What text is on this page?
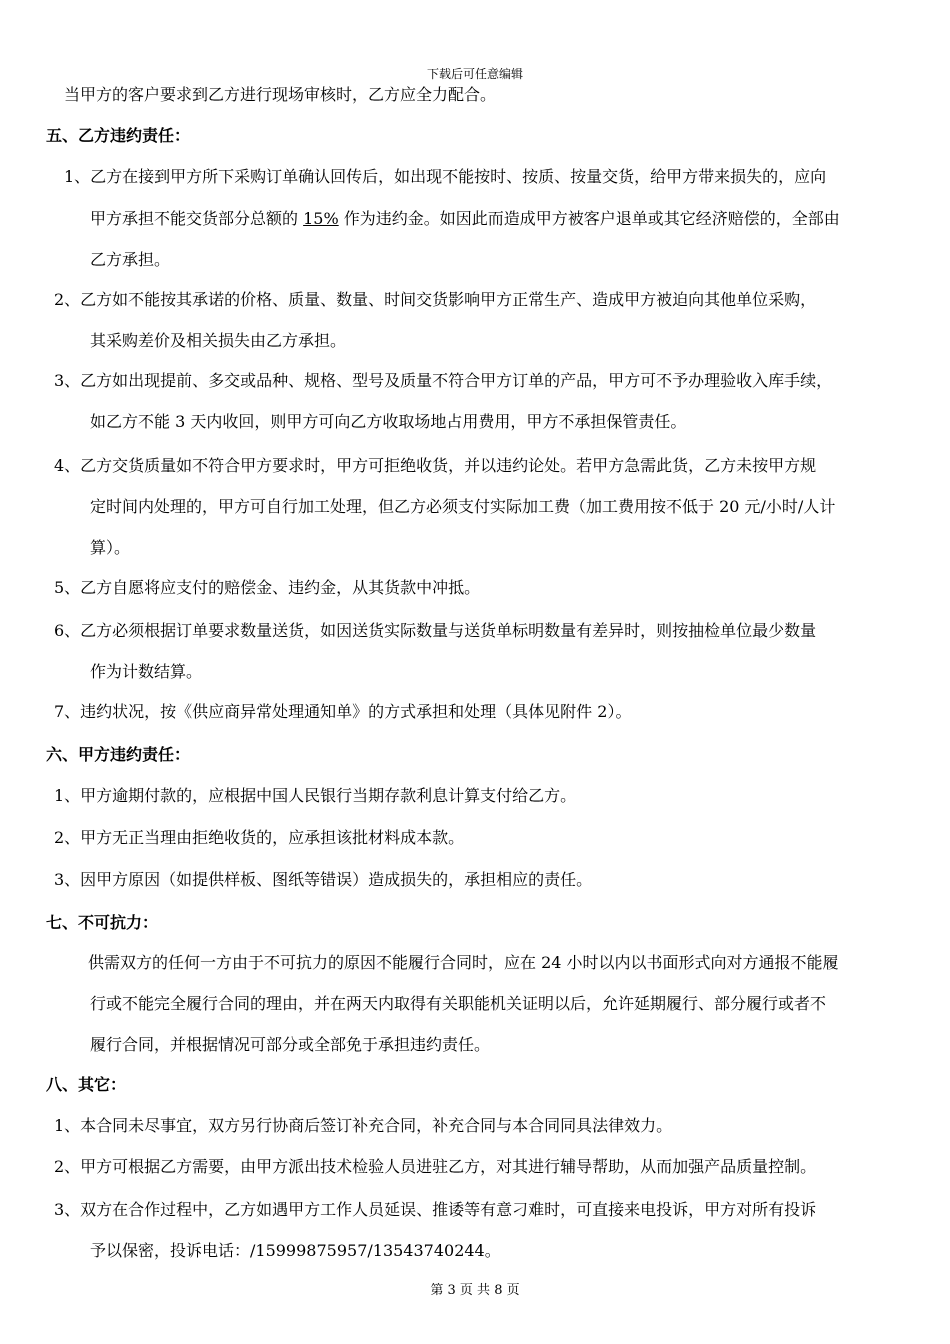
下载后可任意编辑
当甲方的客户要求到乙方进行现场审核时，乙方应全力配合。
五、乙方违约责任：
1、乙方在接到甲方所下采购订单确认回传后，如出现不能按时、按质、按量交货，给甲方带来损失的，应向
甲方承担不能交货部分总额的 15% 作为违约金。如因此而造成甲方被客户退单或其它经济赔偿的，全部由
乙方承担。
2、乙方如不能按其承诺的价格、质量、数量、时间交货影响甲方正常生产、造成甲方被迫向其他单位采购，
其采购差价及相关损失由乙方承担。
3、乙方如出现提前、多交或品种、规格、型号及质量不符合甲方订单的产品，甲方可不予办理验收入库手续，
如乙方不能 3 天内收回，则甲方可向乙方收取场地占用费用，甲方不承担保管责任。
4、乙方交货质量如不符合甲方要求时，甲方可拒绝收货，并以违约论处。若甲方急需此货，乙方未按甲方规
定时间内处理的，甲方可自行加工处理，但乙方必须支付实际加工费（加工费用按不低于 20 元/小时/人计
算）。
5、乙方自愿将应支付的赔偿金、违约金，从其货款中冲抵。
6、乙方必须根据订单要求数量送货，如因送货实际数量与送货单标明数量有差异时，则按抽检单位最少数量
作为计数结算。
7、违约状况，按《供应商异常处理通知单》的方式承担和处理（具体见附件 2）。
六、甲方违约责任：
1、甲方逾期付款的，应根据中国人民银行当期存款利息计算支付给乙方。
2、甲方无正当理由拒绝收货的，应承担该批材料成本款。
3、因甲方原因（如提供样板、图纸等错误）造成损失的，承担相应的责任。
七、不可抗力：
供需双方的任何一方由于不可抗力的原因不能履行合同时，应在 24 小时以内以书面形式向对方通报不能履
行或不能完全履行合同的理由，并在两天内取得有关职能机关证明以后，允许延期履行、部分履行或者不
履行合同，并根据情况可部分或全部免于承担违约责任。
八、其它：
1、本合同未尽事宜，双方另行协商后签订补充合同，补充合同与本合同同具法律效力。
2、甲方可根据乙方需要，由甲方派出技术检验人员进驻乙方，对其进行辅导帮助，从而加强产品质量控制。
3、双方在合作过程中，乙方如遇甲方工作人员延误、推诿等有意刁难时，可直接来电投诉，甲方对所有投诉
予以保密，投诉电话：/15999875957/13543740244。
第 3 页 共 8 页
